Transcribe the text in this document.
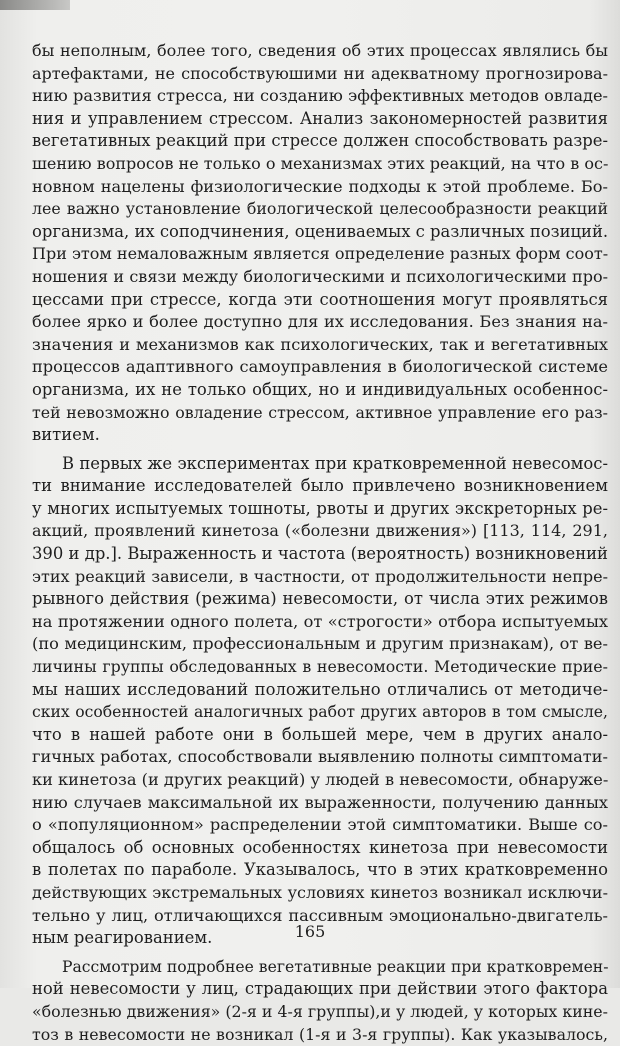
бы неполным, более того, сведения об этих процессах являлись бы
артефактами, не способствуюшими ни адекватному прогнозирова-
нию развития стресса, ни созданию эффективных методов овладе-
ния и управлением стрессом. Анализ закономерностей развития
вегетативных реакций при стрессе должен способствовать разре-
шению вопросов не только о механизмах этих реакций, на что в ос-
новном нацелены физиологические подходы к этой проблеме. Бо-
лее важно установление биологической целесообразности реакций
организма, их соподчинения, оцениваемых с различных позиций.
При этом немаловажным является определение разных форм соот-
ношения и связи между биологическими и психологическими про-
цессами при стрессе, когда эти соотношения могут проявляться
более ярко и более доступно для их исследования. Без знания на-
значения и механизмов как психологических, так и вегетативных
процессов адаптивного самоуправления в биологической системе
организма, их не только общих, но и индивидуальных особеннос-
тей невозможно овладение стрессом, активное управление его раз-
витием.
В первых же экспериментах при кратковременной невесомос-
ти внимание исследователей было привлечено возникновением
у многих испытуемых тошноты, рвоты и других экскреторных ре-
акций, проявлений кинетоза («болезни движения») [113, 114, 291,
390 и др.]. Выраженность и частота (вероятность) возникновений
этих реакций зависели, в частности, от продолжительности непре-
рывного действия (режима) невесомости, от числа этих режимов
на протяжении одного полета, от «строгости» отбора испытуемых
(по медицинским, профессиональным и другим признакам), от ве-
личины группы обследованных в невесомости. Методические прие-
мы наших исследований положительно отличались от методиче-
ских особенностей аналогичных работ других авторов в том смысле,
что в нашей работе они в большей мере, чем в других анало-
гичных работах, способствовали выявлению полноты симптомати-
ки кинетоза (и других реакций) у людей в невесомости, обнаруже-
нию случаев максимальной их выраженности, получению данных
о «популяционном» распределении этой симптоматики. Выше со-
общалось об основных особенностях кинетоза при невесомости
в полетах по параболе. Указывалось, что в этих кратковременно
действующих экстремальных условиях кинетоз возникал исключи-
тельно у лиц, отличающихся пассивным эмоционально-двигатель-
ным реагированием.
Рассмотрим подробнее вегетативные реакции при кратковремен-
ной невесомости у лиц, страдающих при действии этого фактора
«болезнью движения» (2-я и 4-я группы),и у людей, у которых кине-
тоз в невесомости не возникал (1-я и 3-я группы). Как указывалось,
165
